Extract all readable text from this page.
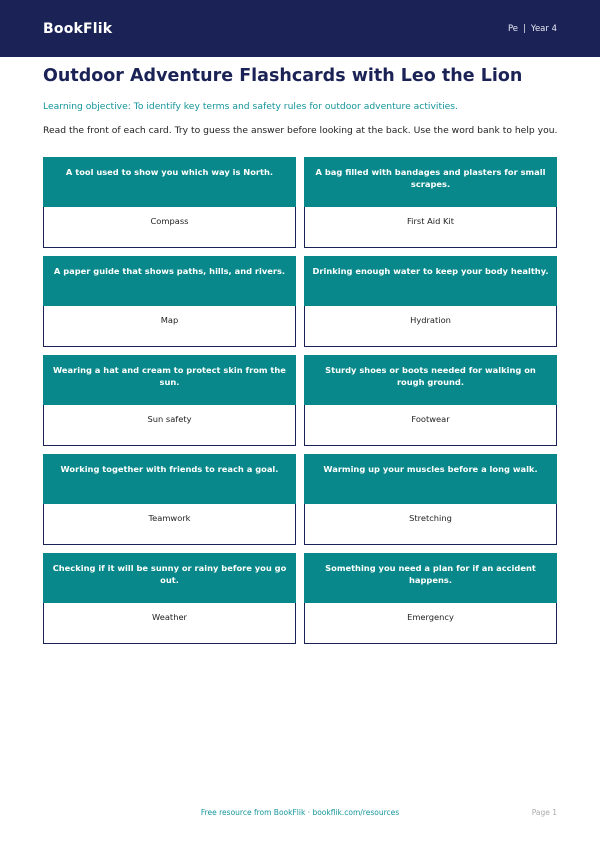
BookFlik	Pe | Year 4
Outdoor Adventure Flashcards with Leo the Lion

Learning objective: To identify key terms and safety rules for outdoor adventure activities.

Read the front of each card. Try to guess the answer before looking at the back. Use the word bank to help you.

A tool used to show you which way is North.
Compass
A bag filled with bandages and plasters for small scrapes.
First Aid Kit
A paper guide that shows paths, hills, and rivers.
Map
Drinking enough water to keep your body healthy.
Hydration
Wearing a hat and cream to protect skin from the sun.
Sun safety
Sturdy shoes or boots needed for walking on rough ground.
Footwear
Working together with friends to reach a goal.
Teamwork
Warming up your muscles before a long walk.
Stretching
Checking if it will be sunny or rainy before you go out.
Weather
Something you need a plan for if an accident happens.
Emergency
Free resource from BookFlik · bookflik.com/resources	Page 1
